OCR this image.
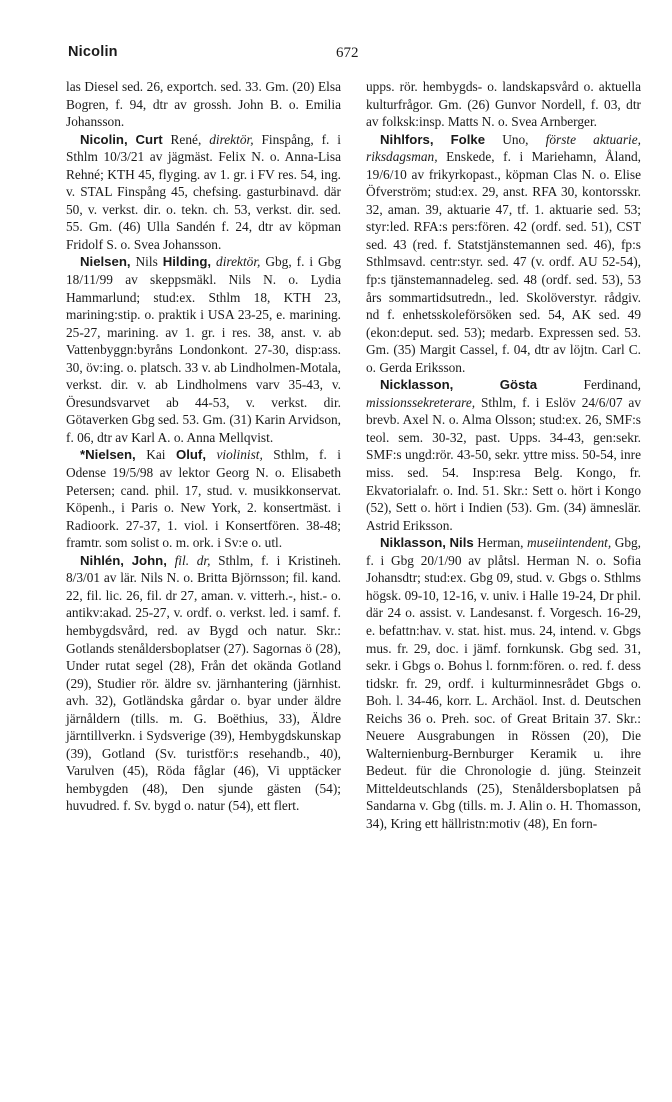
Nicolin	672

las Diesel sed. 26, exportch. sed. 33. Gm. (20) Elsa Bogren, f. 94, dtr av grossh. John B. o. Emilia Johansson.

Nicolin, Curt René, direktör, Finspång, f. i Sthlm 10/3/21 av jägmäst. Felix N. o. Anna-Lisa Rehné; KTH 45, flyging. av 1. gr. i FV res. 54, ing. v. STAL Finspång 45, chefsing. gasturbinavd. där 50, v. verkst. dir. o. tekn. ch. 53, verkst. dir. sed. 55. Gm. (46) Ulla Sandén f. 24, dtr av köpman Fridolf S. o. Svea Johansson.

Nielsen, Nils Hilding, direktör, Gbg, f. i Gbg 18/11/99 av skeppsmäkl. Nils N. o. Lydia Hammarlund; stud:ex. Sthlm 18, KTH 23, marining:stip. o. praktik i USA 23-25, e. marining. 25-27, marining. av 1. gr. i res. 38, anst. v. ab Vattenbyggn:byråns Londonkont. 27-30, disp:ass. 30, öv:ing. o. platsch. 33 v. ab Lindholmen-Motala, verkst. dir. v. ab Lindholmens varv 35-43, v. Öresundsvarvet ab 44-53, v. verkst. dir. Götaverken Gbg sed. 53. Gm. (31) Karin Arvidson, f. 06, dtr av Karl A. o. Anna Mellqvist.

*Nielsen, Kai Oluf, violinist, Sthlm, f. i Odense 19/5/98 av lektor Georg N. o. Elisabeth Petersen; cand. phil. 17, stud. v. musikkonservat. Köpenh., i Paris o. New York, 2. konsertmäst. i Radioork. 27-37, 1. viol. i Konsertfören. 38-48; framtr. som solist o. m. ork. i Sv:e o. utl.

Nihlén, John, fil. dr, Sthlm, f. i Kristineh. 8/3/01 av lär. Nils N. o. Britta Björnsson; fil. kand. 22, fil. lic. 26, fil. dr 27, aman. v. vitterh.-, hist.- o. antikv:akad. 25-27, v. ordf. o. verkst. led. i samf. f. hembygdsvård, red. av Bygd och natur. Skr.: Gotlands stenåldersboplatser (27). Sagornas ö (28), Under rutat segel (28), Från det okända Gotland (29), Studier rör. äldre sv. järnhantering (järnhist. avh. 32), Gotländska gårdar o. byar under äldre järnåldern (tills. m. G. Boëthius, 33), Äldre järntillverkn. i Sydsverige (39), Hembygdskunskap (39), Gotland (Sv. turistför:s resehandb., 40), Varulven (45), Röda fåglar (46), Vi upptäcker hembygden (48), Den sjunde gästen (54); huvudred. f. Sv. bygd o. natur (54), ett flert.

upps. rör. hembygds- o. landskapsvård o. aktuella kulturfrågor. Gm. (26) Gunvor Nordell, f. 03, dtr av folksk:insp. Matts N. o. Svea Arnberger.

Nihlfors, Folke Uno, förste aktuarie, riksdagsman, Enskede, f. i Mariehamn, Åland, 19/6/10 av frikyrkopast., köpman Clas N. o. Elise Öfverström; stud:ex. 29, anst. RFA 30, kontorsskr. 32, aman. 39, aktuarie 47, tf. 1. aktuarie sed. 53; styr:led. RFA:s pers:fören. 42 (ordf. sed. 51), CST sed. 43 (red. f. Statstjänstemannen sed. 46), fp:s Sthlmsavd. centr:styr. sed. 47 (v. ordf. AU 52-54), fp:s tjänstemannadeleg. sed. 48 (ordf. sed. 53), 53 års sommartidsutredn., led. Skolöverstyr. rådgiv. nd f. enhetsskoleförsöken sed. 54, AK sed. 49 (ekon:deput. sed. 53); medarb. Expressen sed. 53. Gm. (35) Margit Cassel, f. 04, dtr av löjtn. Carl C. o. Gerda Eriksson.

Nicklasson,	Gösta Ferdinand, missionssekreterare, Sthlm, f. i Eslöv 24/6/07 av brevb. Axel N. o. Alma Olsson; stud:ex. 26, SMF:s teol. sem. 30-32, past. Upps. 34-43, gen:sekr. SMF:s ungd:rör. 43-50, sekr. yttre miss. 50-54, inre miss. sed. 54. Insp:resa Belg. Kongo, fr. Ekvatorialafr. o. Ind. 51. Skr.: Sett o. hört i Kongo (52), Sett o. hört i Indien (53). Gm. (34) ämneslär. Astrid Eriksson.

Niklasson, Nils Herman, museiintendent, Gbg, f. i Gbg 20/1/90 av plåtsl. Herman N. o. Sofia Johansdtr; stud:ex. Gbg 09, stud. v. Gbgs o. Sthlms högsk. 09-10, 12-16, v. univ. i Halle 19-24, Dr phil. där 24 o. assist. v. Landesanst. f. Vorgesch. 16-29, e. befattn:hav. v. stat. hist. mus. 24, intend. v. Gbgs mus. fr. 29, doc. i jämf. fornkunsk. Gbg sed. 31, sekr. i Gbgs o. Bohus l. fornm:fören. o. red. f. dess tidskr. fr. 29, ordf. i kulturminnesrådet Gbgs o. Boh. l. 34-46, korr. L. Archäol. Inst. d. Deutschen Reichs 36 o. Preh. soc. of Great Britain 37. Skr.: Neuere Ausgrabungen in Rössen (20), Die Walternienburg-Bernburger Keramik u. ihre Bedeut. für die Chronologie d. jüng. Steinzeit Mitteldeutschlands (25), Stenåldersboplatsen på Sandarna v. Gbg (tills. m. J. Alin o. H. Thomasson, 34), Kring ett hällristn:motiv (48), En forn-
